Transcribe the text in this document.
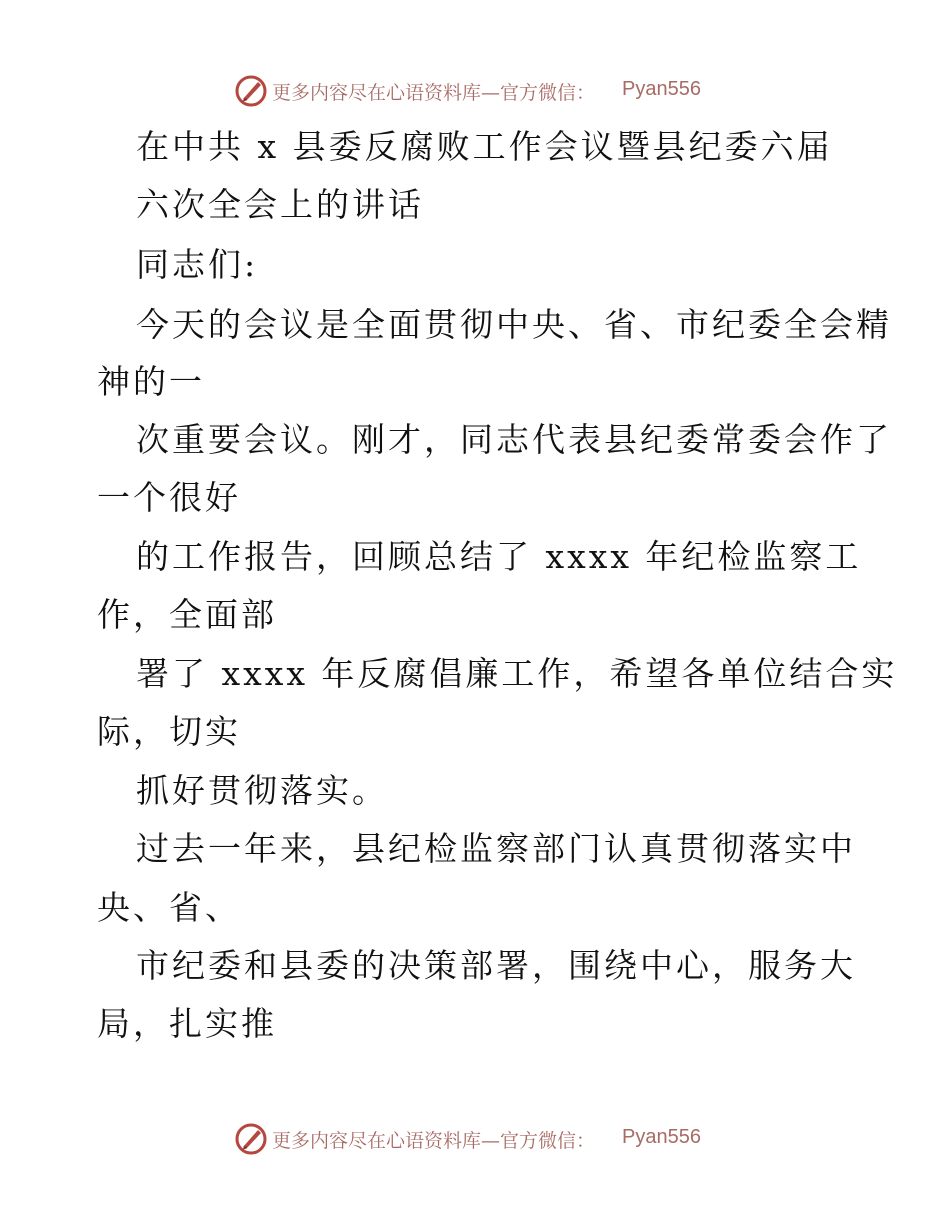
更多内容尽在心语资料库—官方微信： Pyan556
在中共 x 县委反腐败工作会议暨县纪委六届
六次全会上的讲话
同志们:
今天的会议是全面贯彻中央、省、市纪委全会精
神的一
次重要会议。刚才，同志代表县纪委常委会作了
一个很好
的工作报告，回顾总结了 xxxx 年纪检监察工
作，全面部
署了 xxxx 年反腐倡廉工作，希望各单位结合实
际，切实
抓好贯彻落实。
过去一年来，县纪检监察部门认真贯彻落实中
央、省、
市纪委和县委的决策部署，围绕中心，服务大
局，扎实推
更多内容尽在心语资料库—官方微信： Pyan556
